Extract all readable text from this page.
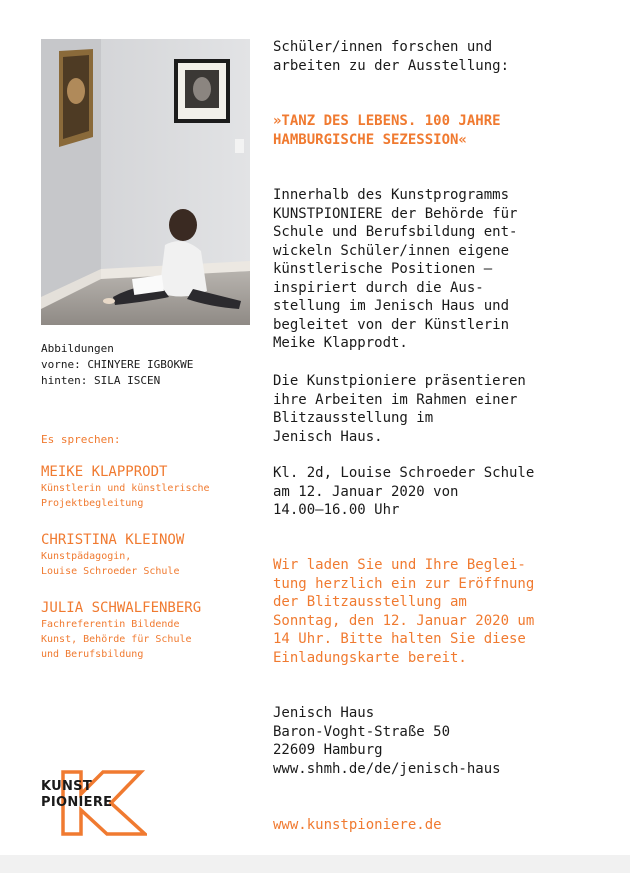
Abbildungen
vorne: CHINYERE IGBOKWE
hinten: SILA ISCEN
Es sprechen:
MEIKE KLAPPRODT
Künstlerin und künstlerische
Projektbegleitung
CHRISTINA KLEINOW
Kunstpädagogin,
Louise Schroeder Schule
JULIA SCHWALFENBERG
Fachreferentin Bildende
Kunst, Behörde für Schule
und Berufsbildung
KUNST
PIONIERE
Schüler/innen forschen und
arbeiten zu der Ausstellung:
»TANZ DES LEBENS. 100 JAHRE
HAMBURGISCHE SEZESSION«
Innerhalb des Kunstprogramms
KUNSTPIONIERE der Behörde für
Schule und Berufsbildung ent-
wickeln Schüler/innen eigene
künstlerische Positionen –
inspiriert durch die Aus-
stellung im Jenisch Haus und
begleitet von der Künstlerin
Meike Klapprodt.
Die Kunstpioniere präsentieren
ihre Arbeiten im Rahmen einer
Blitzausstellung im
Jenisch Haus.
Kl. 2d, Louise Schroeder Schule
am 12. Januar 2020 von
14.00–16.00 Uhr
Wir laden Sie und Ihre Beglei-
tung herzlich ein zur Eröffnung
der Blitzausstellung am
Sonntag, den 12. Januar 2020 um
14 Uhr. Bitte halten Sie diese
Einladungskarte bereit.
Jenisch Haus
Baron-Voght-Straße 50
22609 Hamburg
www.shmh.de/de/jenisch-haus
www.kunstpioniere.de
